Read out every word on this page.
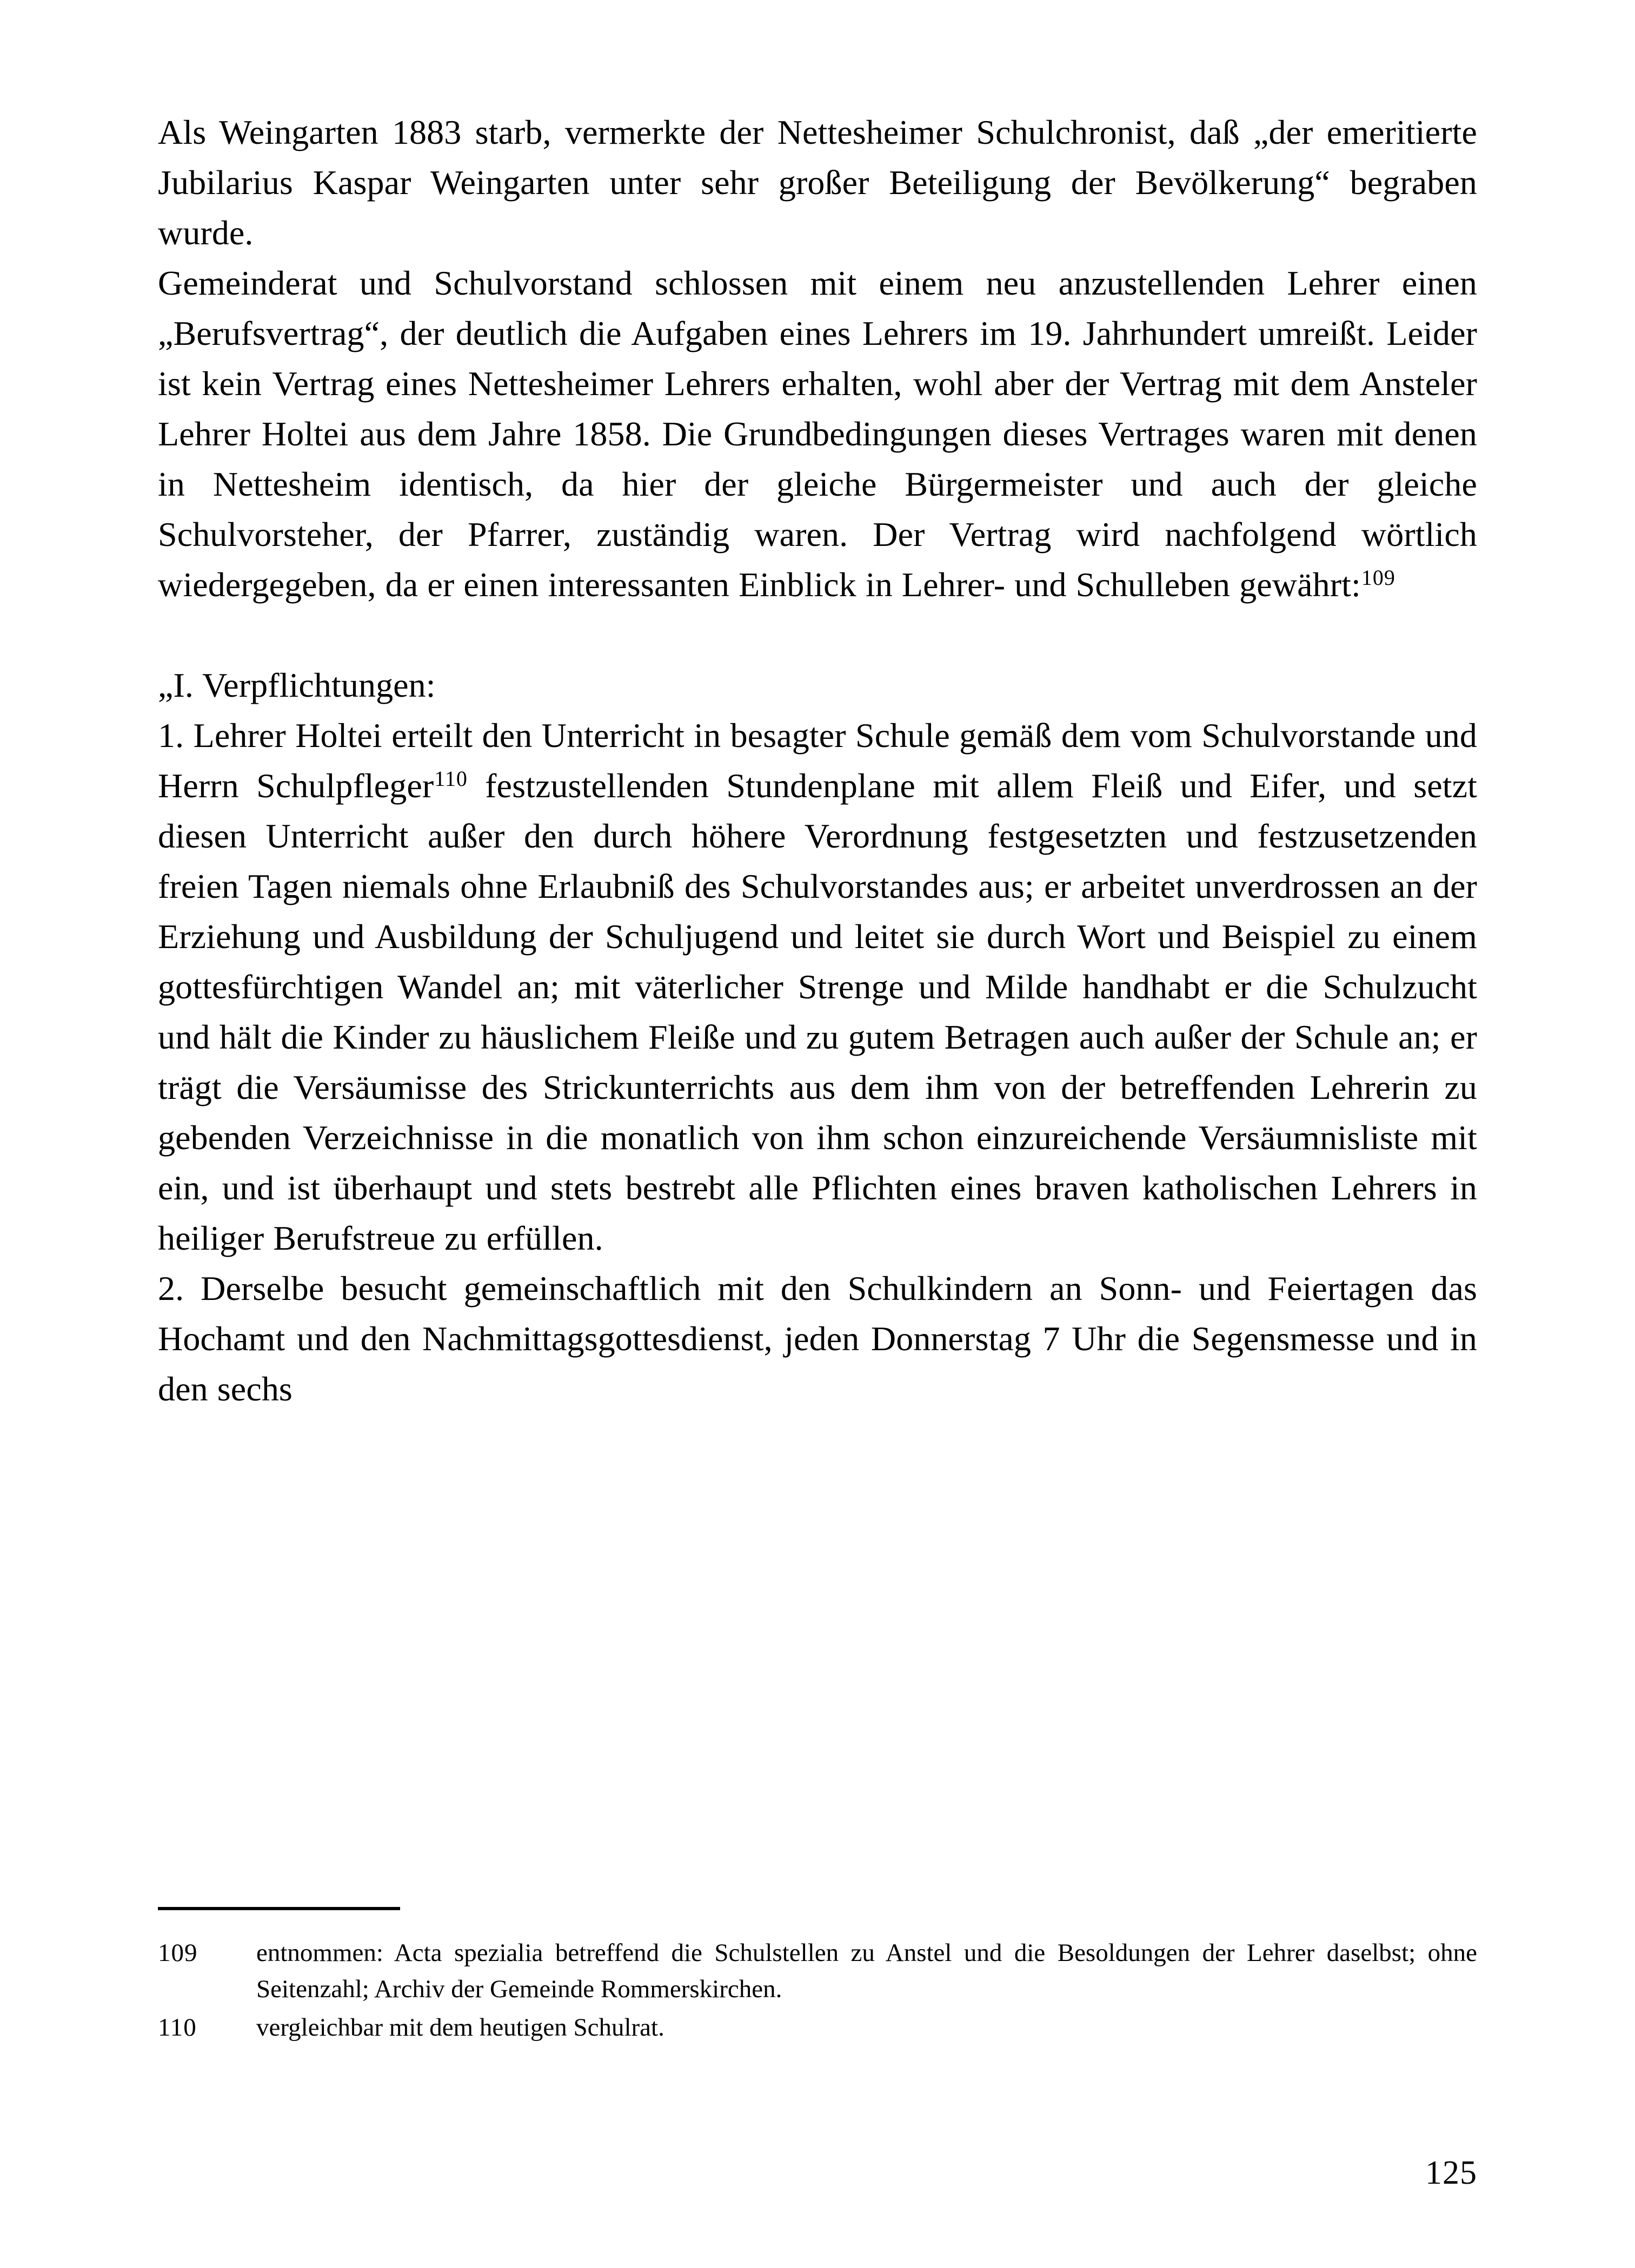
Als Weingarten 1883 starb, vermerkte der Nettesheimer Schulchronist, daß „der emeritierte Jubilarius Kaspar Weingarten unter sehr großer Beteiligung der Bevölkerung“ begraben wurde.

Gemeinderat und Schulvorstand schlossen mit einem neu anzustellenden Lehrer einen „Berufsvertrag“, der deutlich die Aufgaben eines Lehrers im 19. Jahrhundert umreißt. Leider ist kein Vertrag eines Nettesheimer Lehrers erhalten, wohl aber der Vertrag mit dem Ansteler Lehrer Holtei aus dem Jahre 1858. Die Grundbedingungen dieses Vertrages waren mit denen in Nettesheim identisch, da hier der gleiche Bürgermeister und auch der gleiche Schulvorsteher, der Pfarrer, zuständig waren. Der Vertrag wird nachfolgend wörtlich wiedergegeben, da er einen interessanten Einblick in Lehrer- und Schulleben gewährt:$^{109}$

„I. Verpflichtungen:

1. Lehrer Holtei erteilt den Unterricht in besagter Schule gemäß dem vom Schulvorstande und Herrn Schulpfleger$^{110}$ festzustellenden Stundenplane mit allem Fleiß und Eifer, und setzt diesen Unterricht außer den durch höhere Verordnung festgesetzten und festzusetzenden freien Tagen niemals ohne Erlaubniß des Schulvorstandes aus; er arbeitet unverdrossen an der Erziehung und Ausbildung der Schuljugend und leitet sie durch Wort und Beispiel zu einem gottesfürchtigen Wandel an; mit väterlicher Strenge und Milde handhabt er die Schulzucht und hält die Kinder zu häuslichem Fleiße und zu gutem Betragen auch außer der Schule an; er trägt die Versäumisse des Strickunterrichts aus dem ihm von der betreffenden Lehrerin zu gebenden Verzeichnisse in die monatlich von ihm schon einzureichende Versäumnisliste mit ein, und ist überhaupt und stets bestrebt alle Pflichten eines braven katholischen Lehrers in heiliger Berufstreue zu erfüllen.

2. Derselbe besucht gemeinschaftlich mit den Schulkindern an Sonn- und Feiertagen das Hochamt und den Nachmittagsgottesdienst, jeden Donnerstag 7 Uhr die Segensmesse und in den sechs

109	entnommen: Acta spezialia betreffend die Schulstellen zu Anstel und die Besoldungen der Lehrer daselbst; ohne Seitenzahl; Archiv der Gemeinde Rommerskirchen.
110	vergleichbar mit dem heutigen Schulrat.
125
